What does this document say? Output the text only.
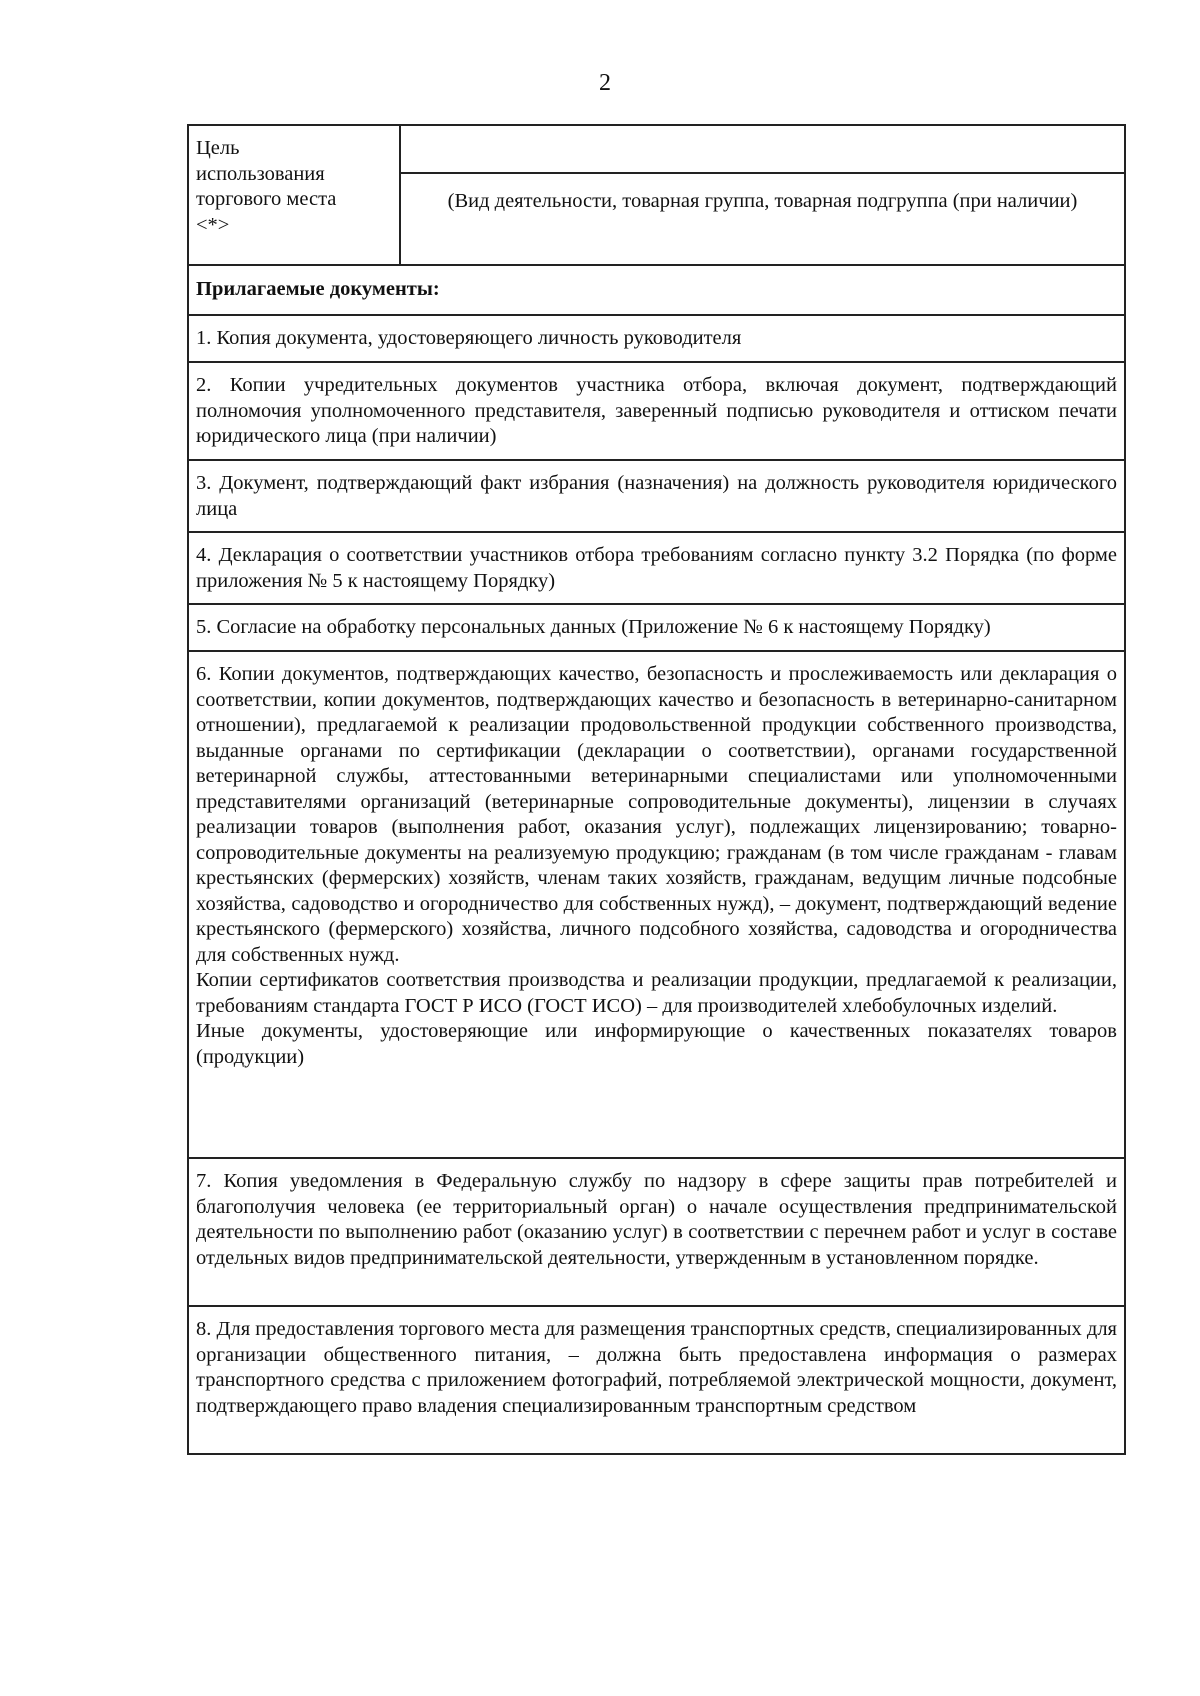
2
Цель
использования
торгового места
<*>

(Вид деятельности, товарная группа, товарная подгруппа (при наличии)

Прилагаемые документы:

1. Копия документа, удостоверяющего личность руководителя

2. Копии учредительных документов участника отбора, включая документ, подтверждающий полномочия уполномоченного представителя, заверенный подписью руководителя и оттиском печати юридического лица (при наличии)

3. Документ, подтверждающий факт избрания (назначения) на должность руководителя юридического лица

4. Декларация о соответствии участников отбора требованиям согласно пункту 3.2 Порядка (по форме приложения № 5 к настоящему Порядку)

5. Согласие на обработку персональных данных (Приложение № 6 к настоящему Порядку)

6. Копии документов, подтверждающих качество, безопасность и прослеживаемость или декларация о соответствии, копии документов, подтверждающих качество и безопасность в ветеринарно-санитарном отношении), предлагаемой к реализации продовольственной продукции собственного производства, выданные органами по сертификации (декларации о соответствии), органами государственной ветеринарной службы, аттестованными ветеринарными специалистами или уполномоченными представителями организаций (ветеринарные сопроводительные документы), лицензии в случаях реализации товаров (выполнения работ, оказания услуг), подлежащих лицензированию; товарно-сопроводительные документы на реализуемую продукцию; гражданам (в том числе гражданам - главам крестьянских (фермерских) хозяйств, членам таких хозяйств, гражданам, ведущим личные подсобные хозяйства, садоводство и огородничество для собственных нужд), – документ, подтверждающий ведение крестьянского (фермерского) хозяйства, личного подсобного хозяйства, садоводства и огородничества для собственных нужд.

Копии сертификатов соответствия производства и реализации продукции, предлагаемой к реализации, требованиям стандарта ГОСТ Р ИСО (ГОСТ ИСО) – для производителей хлебобулочных изделий.

Иные документы, удостоверяющие или информирующие о качественных показателях товаров (продукции)

7. Копия уведомления в Федеральную службу по надзору в сфере защиты прав потребителей и благополучия человека (ее территориальный орган) о начале осуществления предпринимательской деятельности по выполнению работ (оказанию услуг) в соответствии с перечнем работ и услуг в составе отдельных видов предпринимательской деятельности, утвержденным в установленном порядке.

8. Для предоставления торгового места для размещения транспортных средств, специализированных для организации общественного питания, – должна быть предоставлена информация о размерах транспортного средства с приложением фотографий, потребляемой электрической мощности, документ, подтверждающего право владения специализированным транспортным средством
